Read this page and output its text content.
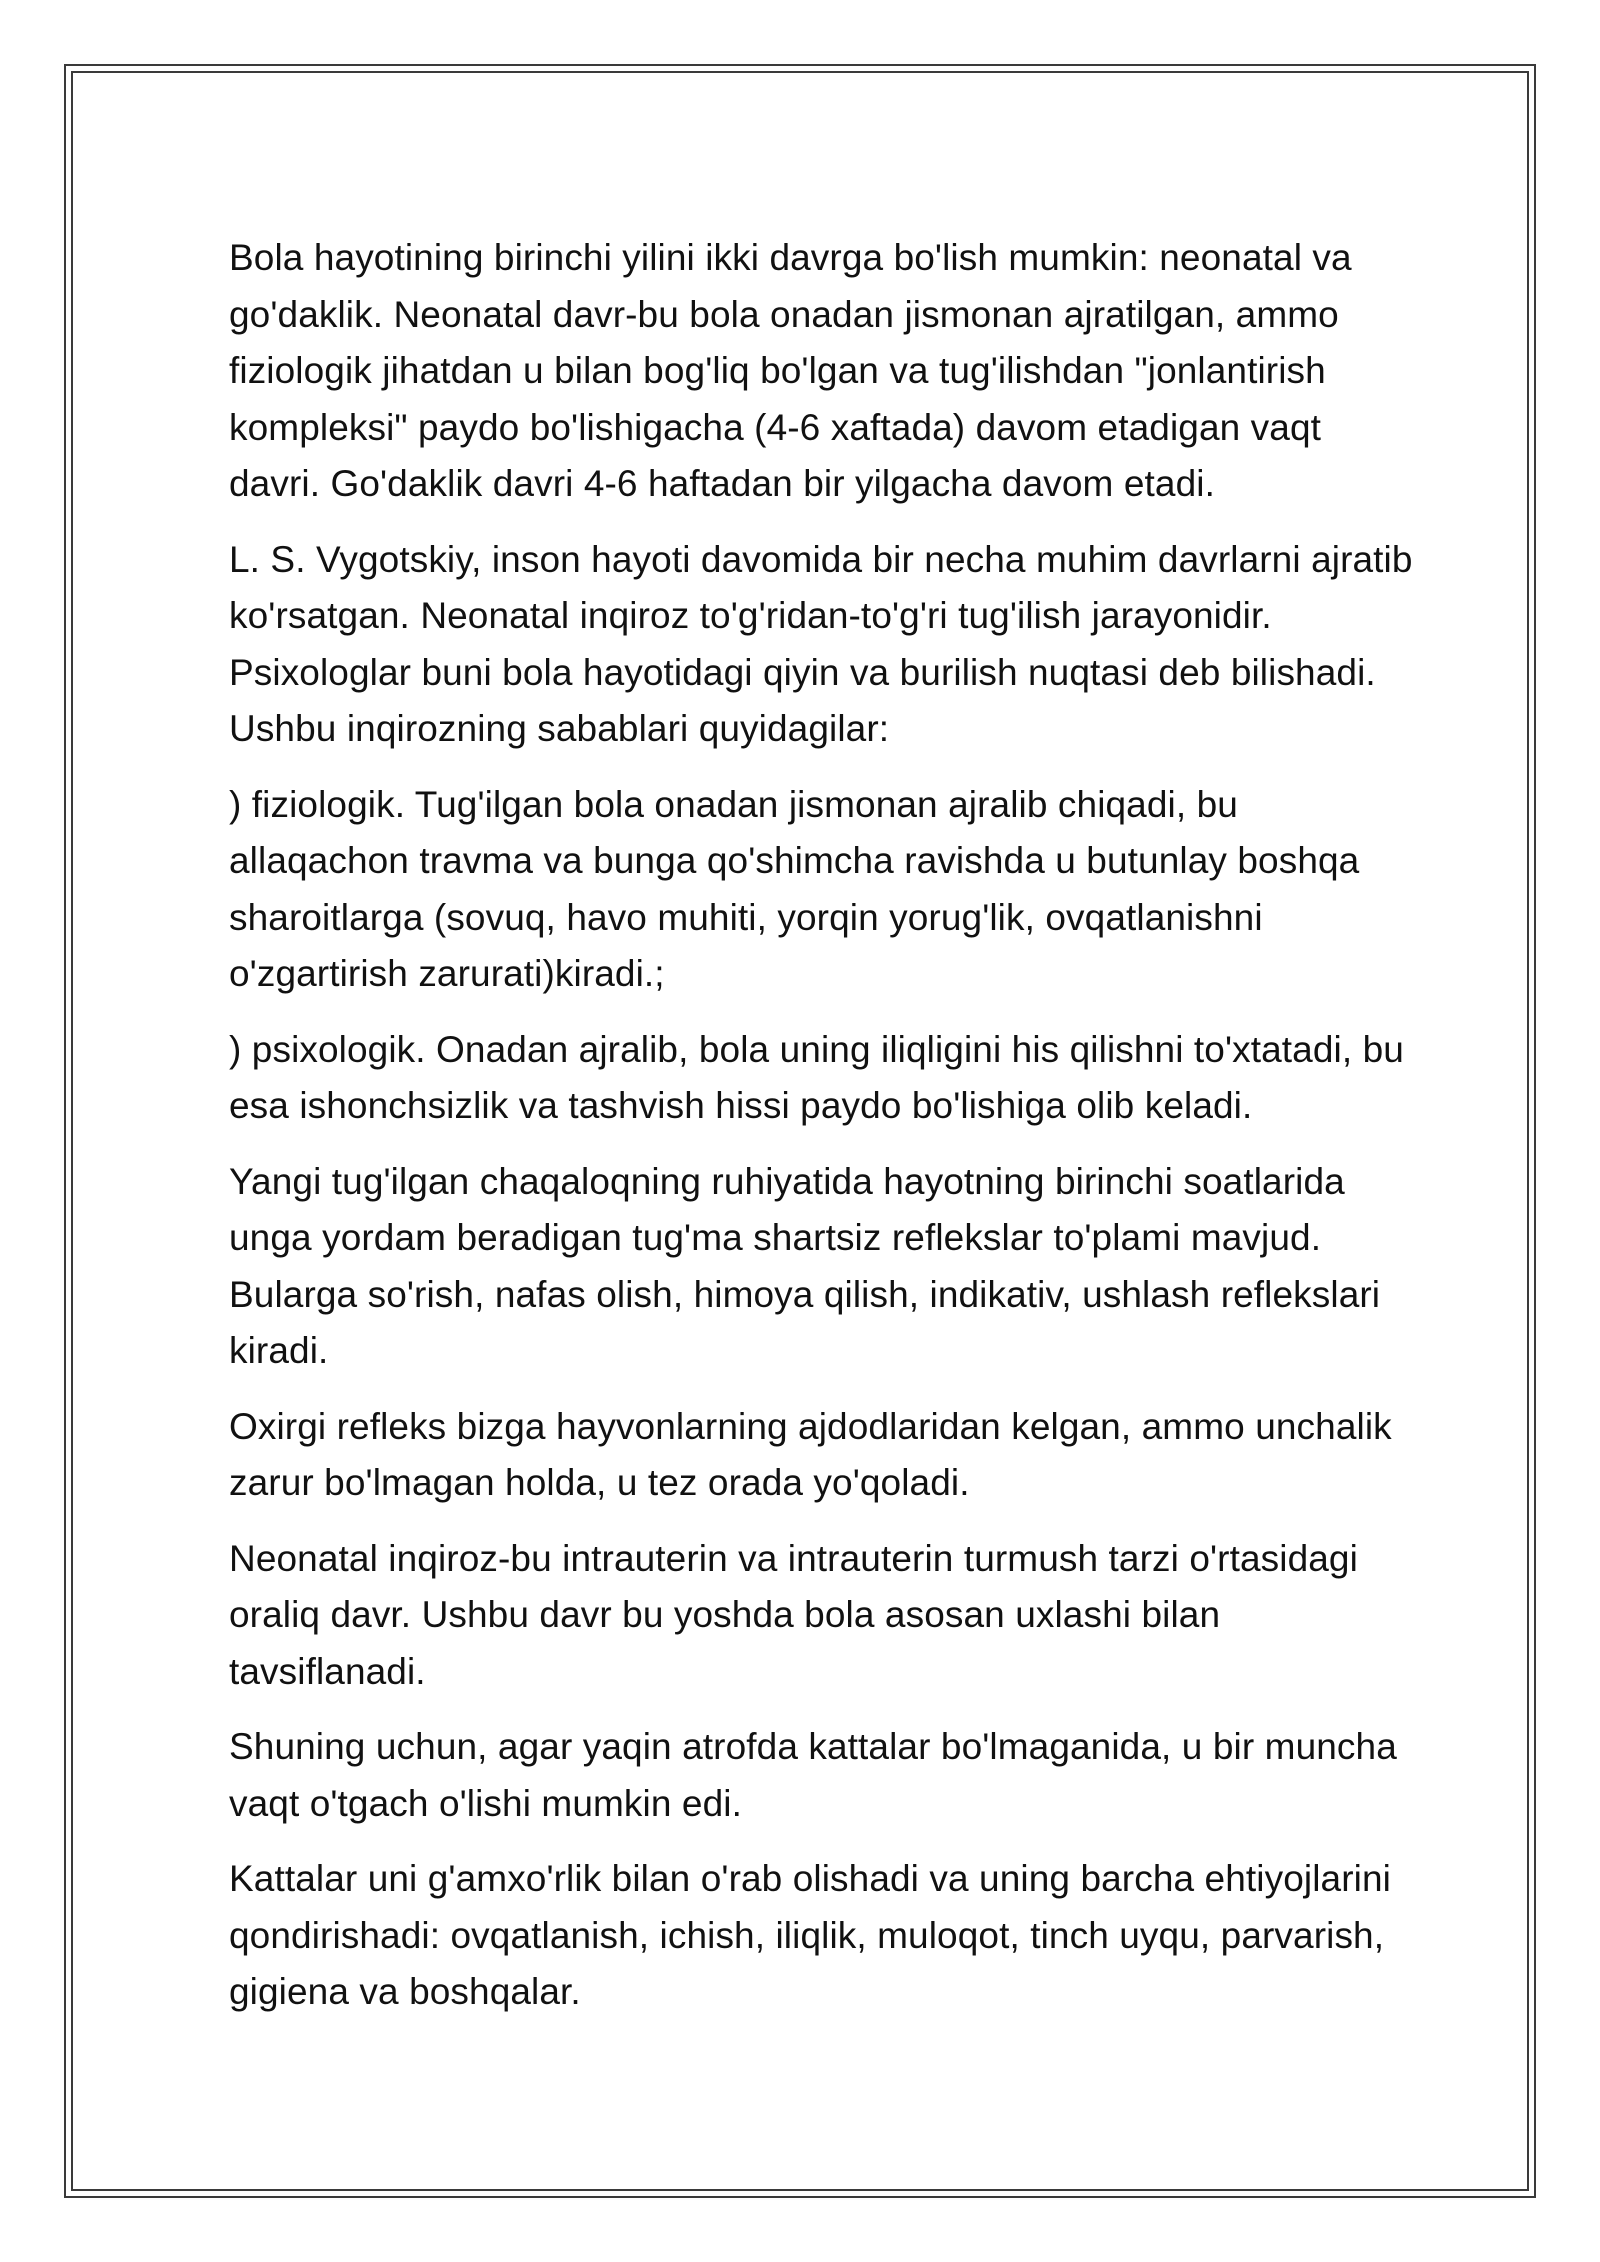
Bola hayotining birinchi yilini ikki davrga bo'lish mumkin: neonatal va
go'daklik. Neonatal davr-bu bola onadan jismonan ajratilgan, ammo
fiziologik jihatdan u bilan bog'liq bo'lgan va tug'ilishdan "jonlantirish
kompleksi" paydo bo'lishigacha (4-6 xaftada) davom etadigan vaqt
davri. Go'daklik davri 4-6 haftadan bir yilgacha davom etadi.

L. S. Vygotskiy, inson hayoti davomida bir necha muhim davrlarni ajratib
ko'rsatgan. Neonatal inqiroz to'g'ridan-to'g'ri tug'ilish jarayonidir.
Psixologlar buni bola hayotidagi qiyin va burilish nuqtasi deb bilishadi.
Ushbu inqirozning sabablari quyidagilar:

) fiziologik. Tug'ilgan bola onadan jismonan ajralib chiqadi, bu
allaqachon travma va bunga qo'shimcha ravishda u butunlay boshqa
sharoitlarga (sovuq, havo muhiti, yorqin yorug'lik, ovqatlanishni
o'zgartirish zarurati)kiradi.;

) psixologik. Onadan ajralib, bola uning iliqligini his qilishni to'xtatadi, bu
esa ishonchsizlik va tashvish hissi paydo bo'lishiga olib keladi.

Yangi tug'ilgan chaqaloqning ruhiyatida hayotning birinchi soatlarida
unga yordam beradigan tug'ma shartsiz reflekslar to'plami mavjud.
Bularga so'rish, nafas olish, himoya qilish, indikativ, ushlash reflekslari
kiradi.

Oxirgi refleks bizga hayvonlarning ajdodlaridan kelgan, ammo unchalik
zarur bo'lmagan holda, u tez orada yo'qoladi.

Neonatal inqiroz-bu intrauterin va intrauterin turmush tarzi o'rtasidagi
oraliq davr. Ushbu davr bu yoshda bola asosan uxlashi bilan
tavsiflanadi.

Shuning uchun, agar yaqin atrofda kattalar bo'lmaganida, u bir muncha
vaqt o'tgach o'lishi mumkin edi.

Kattalar uni g'amxo'rlik bilan o'rab olishadi va uning barcha ehtiyojlarini
qondirishadi: ovqatlanish, ichish, iliqlik, muloqot, tinch uyqu, parvarish,
gigiena va boshqalar.
